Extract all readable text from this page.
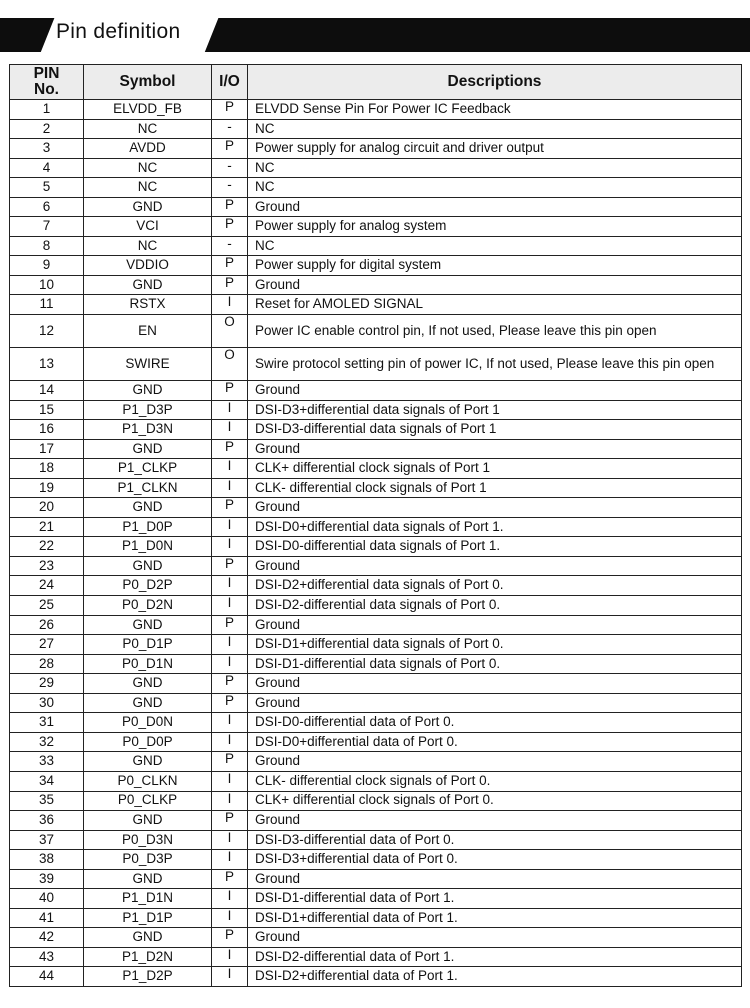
Pin definition
PIN No.	Symbol	I/O	Descriptions
1	ELVDD_FB	P	ELVDD Sense Pin For Power IC Feedback
2	NC	-	NC
3	AVDD	P	Power supply for analog circuit and driver output
4	NC	-	NC
5	NC	-	NC
6	GND	P	Ground
7	VCI	P	Power supply for analog system
8	NC	-	NC
9	VDDIO	P	Power supply for digital system
10	GND	P	Ground
11	RSTX	I	Reset for AMOLED SIGNAL
12	EN	O	Power IC enable control pin, If not used, Please leave this pin open
13	SWIRE	O	Swire protocol setting pin of power IC, If not used, Please leave this pin open
14	GND	P	Ground
15	P1_D3P	I	DSI-D3+differential data signals of Port 1
16	P1_D3N	I	DSI-D3-differential data signals of Port 1
17	GND	P	Ground
18	P1_CLKP	I	CLK+ differential clock signals of Port 1
19	P1_CLKN	I	CLK- differential clock signals of Port 1
20	GND	P	Ground
21	P1_D0P	I	DSI-D0+differential data signals of Port 1.
22	P1_D0N	I	DSI-D0-differential data signals of Port 1.
23	GND	P	Ground
24	P0_D2P	I	DSI-D2+differential data signals of Port 0.
25	P0_D2N	I	DSI-D2-differential data signals of Port 0.
26	GND	P	Ground
27	P0_D1P	I	DSI-D1+differential data signals of Port 0.
28	P0_D1N	I	DSI-D1-differential data signals of Port 0.
29	GND	P	Ground
30	GND	P	Ground
31	P0_D0N	I	DSI-D0-differential data of Port 0.
32	P0_D0P	I	DSI-D0+differential data of Port 0.
33	GND	P	Ground
34	P0_CLKN	I	CLK- differential clock signals of Port 0.
35	P0_CLKP	I	CLK+ differential clock signals of Port 0.
36	GND	P	Ground
37	P0_D3N	I	DSI-D3-differential data of Port 0.
38	P0_D3P	I	DSI-D3+differential data of Port 0.
39	GND	P	Ground
40	P1_D1N	I	DSI-D1-differential data of Port 1.
41	P1_D1P	I	DSI-D1+differential data of Port 1.
42	GND	P	Ground
43	P1_D2N	I	DSI-D2-differential data of Port 1.
44	P1_D2P	I	DSI-D2+differential data of Port 1.
